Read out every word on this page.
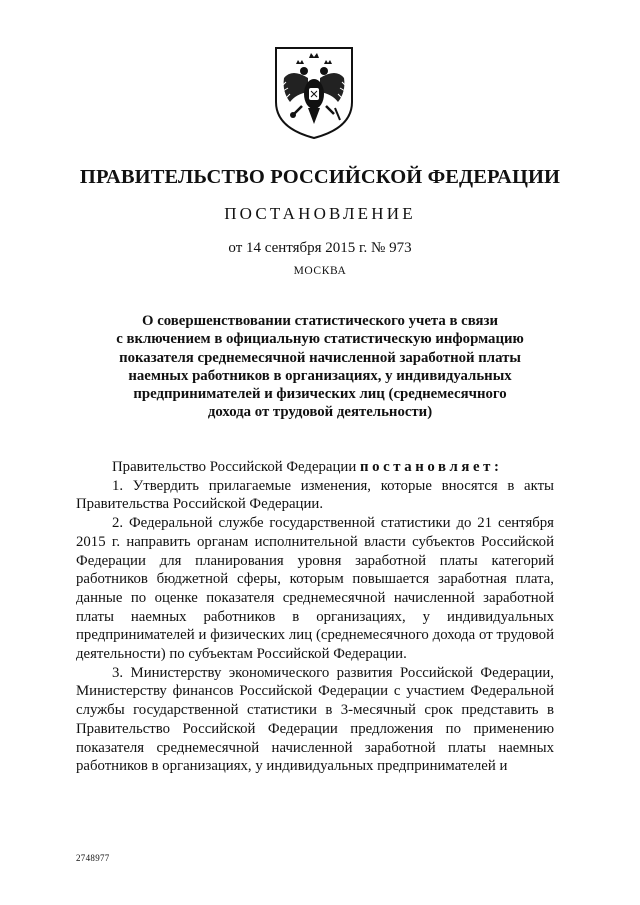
ПРАВИТЕЛЬСТВО РОССИЙСКОЙ ФЕДЕРАЦИИ
ПОСТАНОВЛЕНИЕ
от 14 сентября 2015 г. № 973
МОСКВА
О совершенствовании статистического учета в связи
с включением в официальную статистическую информацию
показателя среднемесячной начисленной заработной платы
наемных работников в организациях, у индивидуальных
предпринимателей и физических лиц (среднемесячного
дохода от трудовой деятельности)

Правительство Российской Федерации постановляет:

1. Утвердить прилагаемые изменения, которые вносятся в акты Правительства Российской Федерации.

2. Федеральной службе государственной статистики до 21 сентября 2015 г. направить органам исполнительной власти субъектов Российской Федерации для планирования уровня заработной платы категорий работников бюджетной сферы, которым повышается заработная плата, данные по оценке показателя среднемесячной начисленной заработной платы наемных работников в организациях, у индивидуальных предпринимателей и физических лиц (среднемесячного дохода от трудовой деятельности) по субъектам Российской Федерации.

3. Министерству экономического развития Российской Федерации, Министерству финансов Российской Федерации с участием Федеральной службы государственной статистики в 3-месячный срок представить в Правительство Российской Федерации предложения по применению показателя среднемесячной начисленной заработной платы наемных работников в организациях, у индивидуальных предпринимателей и

2748977
